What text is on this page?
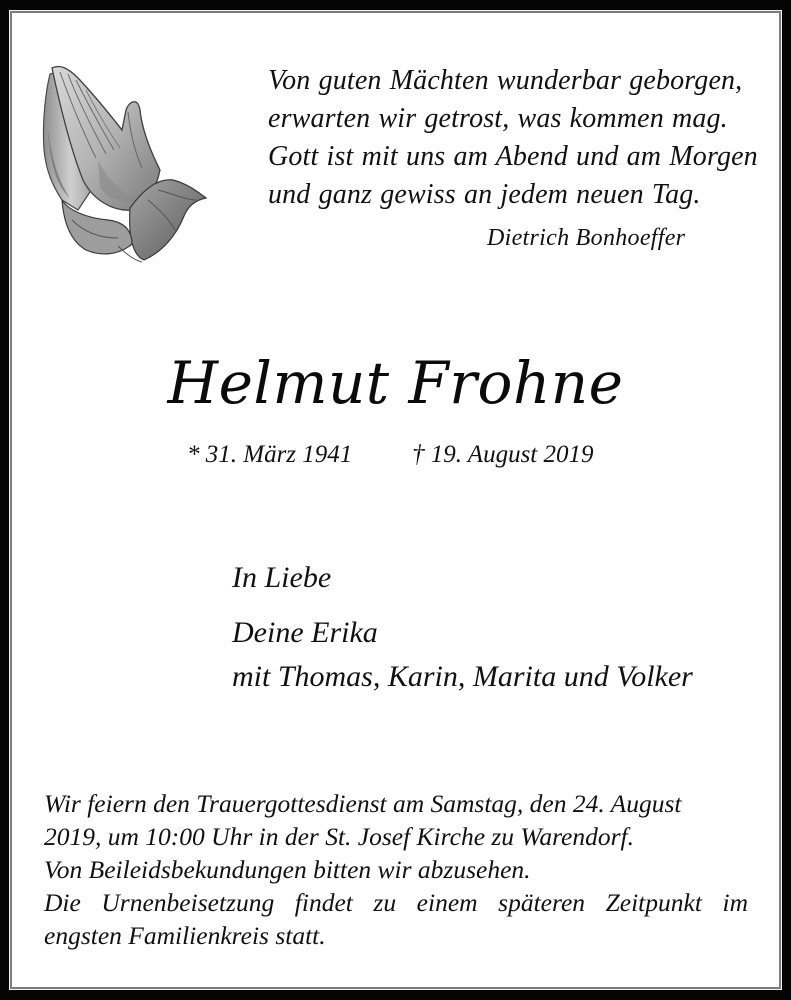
Von guten Mächten wunderbar geborgen,
erwarten wir getrost, was kommen mag.
Gott ist mit uns am Abend und am Morgen
und ganz gewiss an jedem neuen Tag.
Dietrich Bonhoeffer
Helmut Frohne
* 31. März 1941 † 19. August 2019
In Liebe
Deine Erika
mit Thomas, Karin, Marita und Volker
Wir feiern den Trauergottesdienst am Samstag, den 24. August
2019, um 10:00 Uhr in der St. Josef Kirche zu Warendorf.
Von Beileidsbekundungen bitten wir abzusehen.
Die Urnenbeisetzung findet zu einem späteren Zeitpunkt im
engsten Familienkreis statt.
